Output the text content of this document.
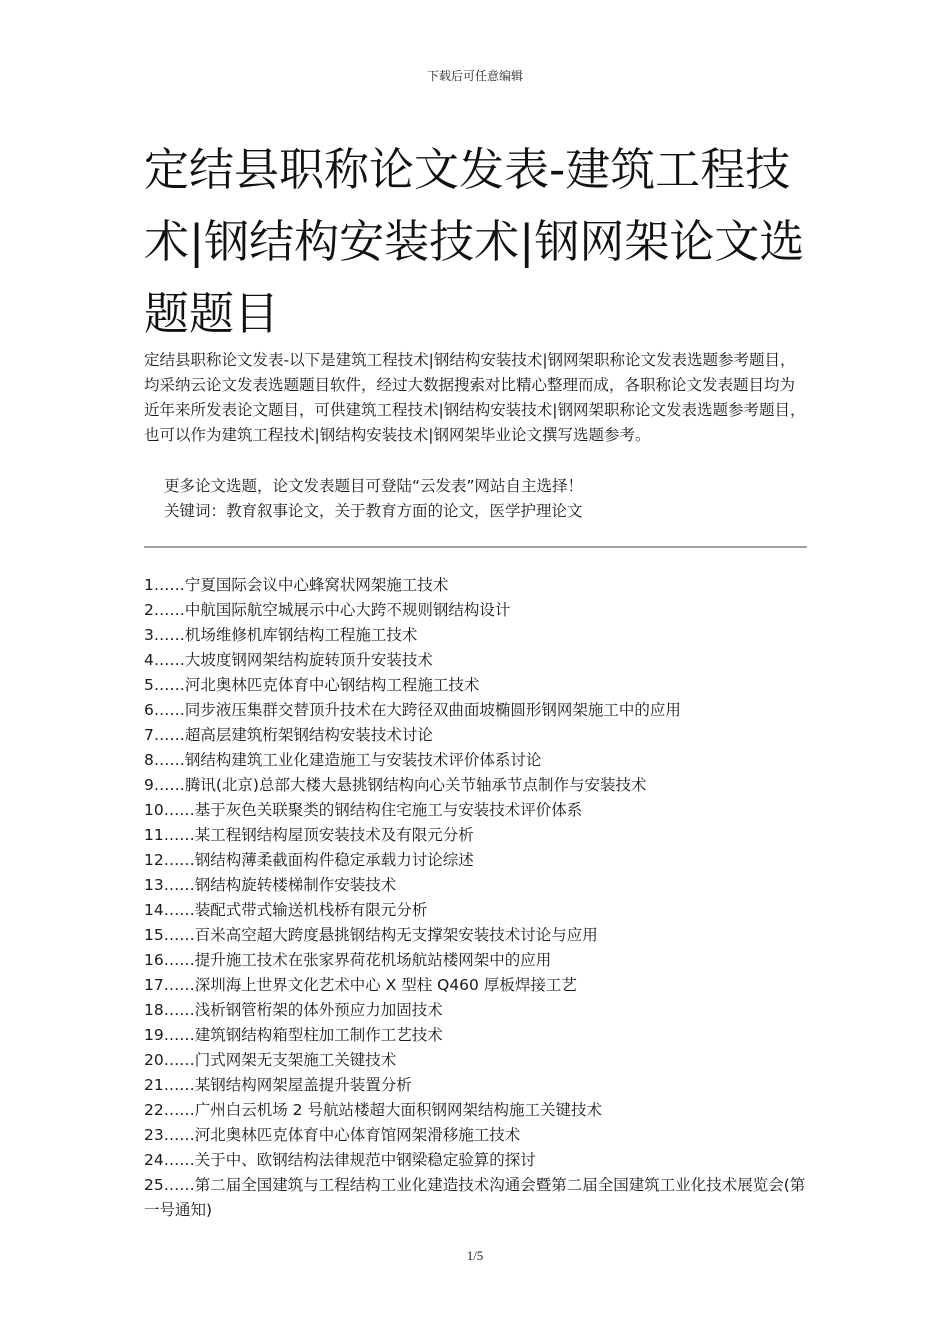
下载后可任意编辑
定结县职称论文发表-建筑工程技术|钢结构安装技术|钢网架论文选题题目

定结县职称论文发表-以下是建筑工程技术|钢结构安装技术|钢网架职称论文发表选题参考题目，均采纳云论文发表选题题目软件，经过大数据搜索对比精心整理而成，各职称论文发表题目均为近年来所发表论文题目，可供建筑工程技术|钢结构安装技术|钢网架职称论文发表选题参考题目，也可以作为建筑工程技术|钢结构安装技术|钢网架毕业论文撰写选题参考。

更多论文选题，论文发表题目可登陆“云发表”网站自主选择！

关键词：教育叙事论文，关于教育方面的论文，医学护理论文

1……宁夏国际会议中心蜂窝状网架施工技术
2……中航国际航空城展示中心大跨不规则钢结构设计
3……机场维修机库钢结构工程施工技术
4……大坡度钢网架结构旋转顶升安装技术
5……河北奥林匹克体育中心钢结构工程施工技术
6……同步液压集群交替顶升技术在大跨径双曲面坡椭圆形钢网架施工中的应用
7……超高层建筑桁架钢结构安装技术讨论
8……钢结构建筑工业化建造施工与安装技术评价体系讨论
9……腾讯(北京)总部大楼大悬挑钢结构向心关节轴承节点制作与安装技术
10……基于灰色关联聚类的钢结构住宅施工与安装技术评价体系
11……某工程钢结构屋顶安装技术及有限元分析
12……钢结构薄柔截面构件稳定承载力讨论综述
13……钢结构旋转楼梯制作安装技术
14……装配式带式输送机栈桥有限元分析
15……百米高空超大跨度悬挑钢结构无支撑架安装技术讨论与应用
16……提升施工技术在张家界荷花机场航站楼网架中的应用
17……深圳海上世界文化艺术中心 X 型柱 Q460 厚板焊接工艺
18……浅析钢管桁架的体外预应力加固技术
19……建筑钢结构箱型柱加工制作工艺技术
20……门式网架无支架施工关键技术
21……某钢结构网架屋盖提升装置分析
22……广州白云机场 2 号航站楼超大面积钢网架结构施工关键技术
23……河北奥林匹克体育中心体育馆网架滑移施工技术
24……关于中、欧钢结构法律规范中钢梁稳定验算的探讨
25……第二届全国建筑与工程结构工业化建造技术沟通会暨第二届全国建筑工业化技术展览会(第一号通知)
1/5
